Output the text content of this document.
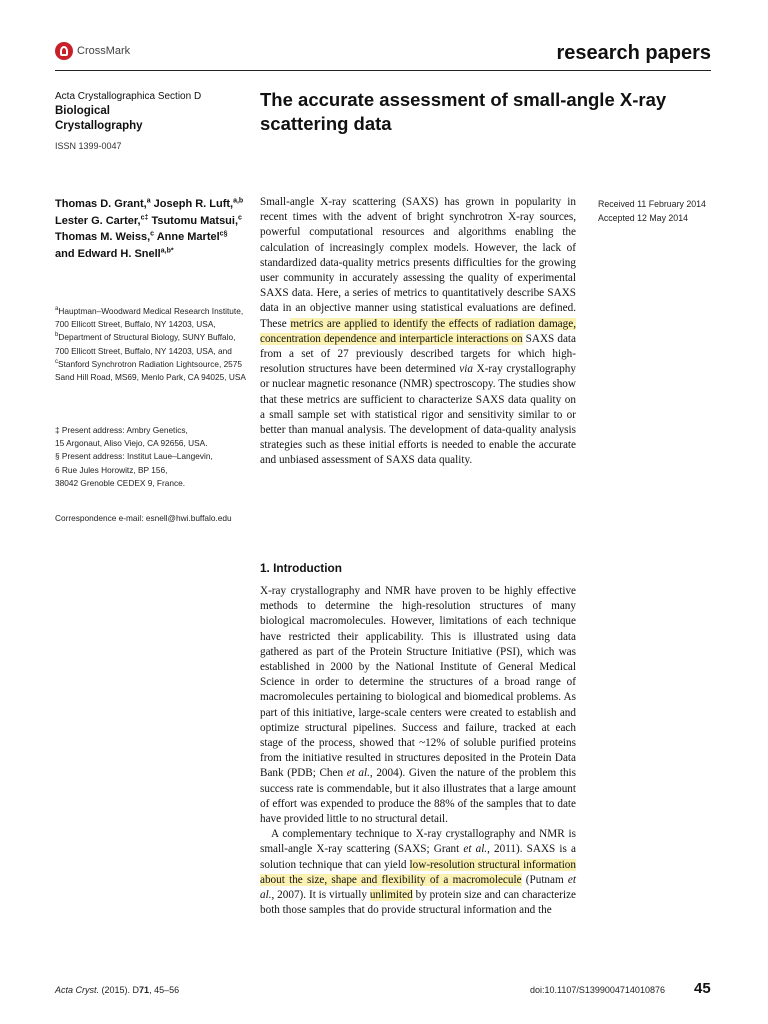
CrossMark	research papers
Acta Crystallographica Section D
Biological
Crystallography
ISSN 1399-0047
The accurate assessment of small-angle X-ray scattering data
Thomas D. Grant,$^a$ Joseph R. Luft,$^{a,b}$ Lester G. Carter,$^{c\ddagger}$ Tsutomu Matsui,$^c$ Thomas M. Weiss,$^c$ Anne Martel$^{c\S}$ and Edward H. Snell$^{a,b*}$
$^a$Hauptman–Woodward Medical Research Institute, 700 Ellicott Street, Buffalo, NY 14203, USA, $^b$Department of Structural Biology, SUNY Buffalo, 700 Ellicott Street, Buffalo, NY 14203, USA, and $^c$Stanford Synchrotron Radiation Lightsource, 2575 Sand Hill Road, MS69, Menlo Park, CA 94025, USA
‡ Present address: Ambry Genetics,
15 Argonaut, Aliso Viejo, CA 92656, USA.
§ Present address: Institut Laue–Langevin,
6 Rue Jules Horowitz, BP 156,
38042 Grenoble CEDEX 9, France.
Correspondence e-mail: esnell@hwi.buffalo.edu
Received 11 February 2014
Accepted 12 May 2014
Small-angle X-ray scattering (SAXS) has grown in popularity in recent times with the advent of bright synchrotron X-ray sources, powerful computational resources and algorithms enabling the calculation of increasingly complex models. However, the lack of standardized data-quality metrics presents difficulties for the growing user community in accurately assessing the quality of experimental SAXS data. Here, a series of metrics to quantitatively describe SAXS data in an objective manner using statistical evaluations are defined. These metrics are applied to identify the effects of radiation damage, concentration dependence and interparticle interactions on SAXS data from a set of 27 previously described targets for which high-resolution structures have been determined via X-ray crystallography or nuclear magnetic resonance (NMR) spectroscopy. The studies show that these metrics are sufficient to characterize SAXS data quality on a small sample set with statistical rigor and sensitivity similar to or better than manual analysis. The development of data-quality analysis strategies such as these initial efforts is needed to enable the accurate and unbiased assessment of SAXS data quality.
1. Introduction

X-ray crystallography and NMR have proven to be highly effective methods to determine the high-resolution structures of many biological macromolecules. However, limitations of each technique have restricted their applicability. This is illustrated using data gathered as part of the Protein Structure Initiative (PSI), which was established in 2000 by the National Institute of General Medical Science in order to determine the structures of a broad range of macromolecules pertaining to biological and biomedical problems. As part of this initiative, large-scale centers were created to establish and optimize structural pipelines. Success and failure, tracked at each stage of the process, showed that ~12% of soluble purified proteins from the initiative resulted in structures deposited in the Protein Data Bank (PDB; Chen et al., 2004). Given the nature of the problem this success rate is commendable, but it also illustrates that a large amount of effort was expended to produce the 88% of the samples that to date have provided little to no structural detail.

A complementary technique to X-ray crystallography and NMR is small-angle X-ray scattering (SAXS; Grant et al., 2011). SAXS is a solution technique that can yield low-resolution structural information about the size, shape and flexibility of a macromolecule (Putnam et al., 2007). It is virtually unlimited by protein size and can characterize both those samples that do provide structural information and the

Acta Cryst. (2015). D71, 45–56	doi:10.1107/S1399004714010876 45
